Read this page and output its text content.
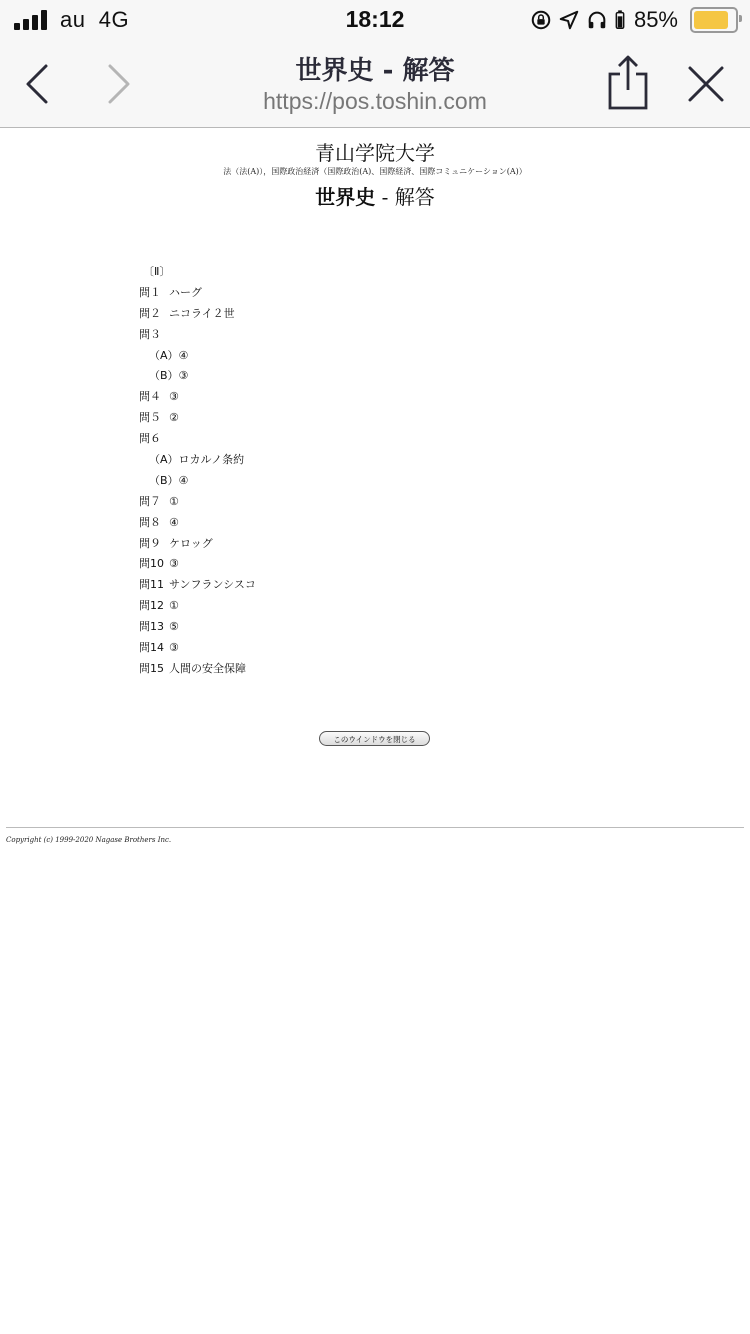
au 4G	18:12	85%
世界史 - 解答
https://pos.toshin.com
青山学院大学
法（法(A)），国際政治経済（国際政治(A)、国際経済、国際コミュニケーション(A)）
世界史 - 解答
〔Ⅱ〕
問１ ハーグ
問２ ニコライ２世
問３
（A）④
（B）③
問４ ③
問５ ②
問６
（A）ロカルノ条約
（B）④
問７ ①
問８ ④
問９ ケロッグ
問10 ③
問11 サンフランシスコ
問12 ①
問13 ⑤
問14 ③
問15 人間の安全保障
このウインドウを閉じる
Copyright (c) 1999-2020 Nagase Brothers Inc.
